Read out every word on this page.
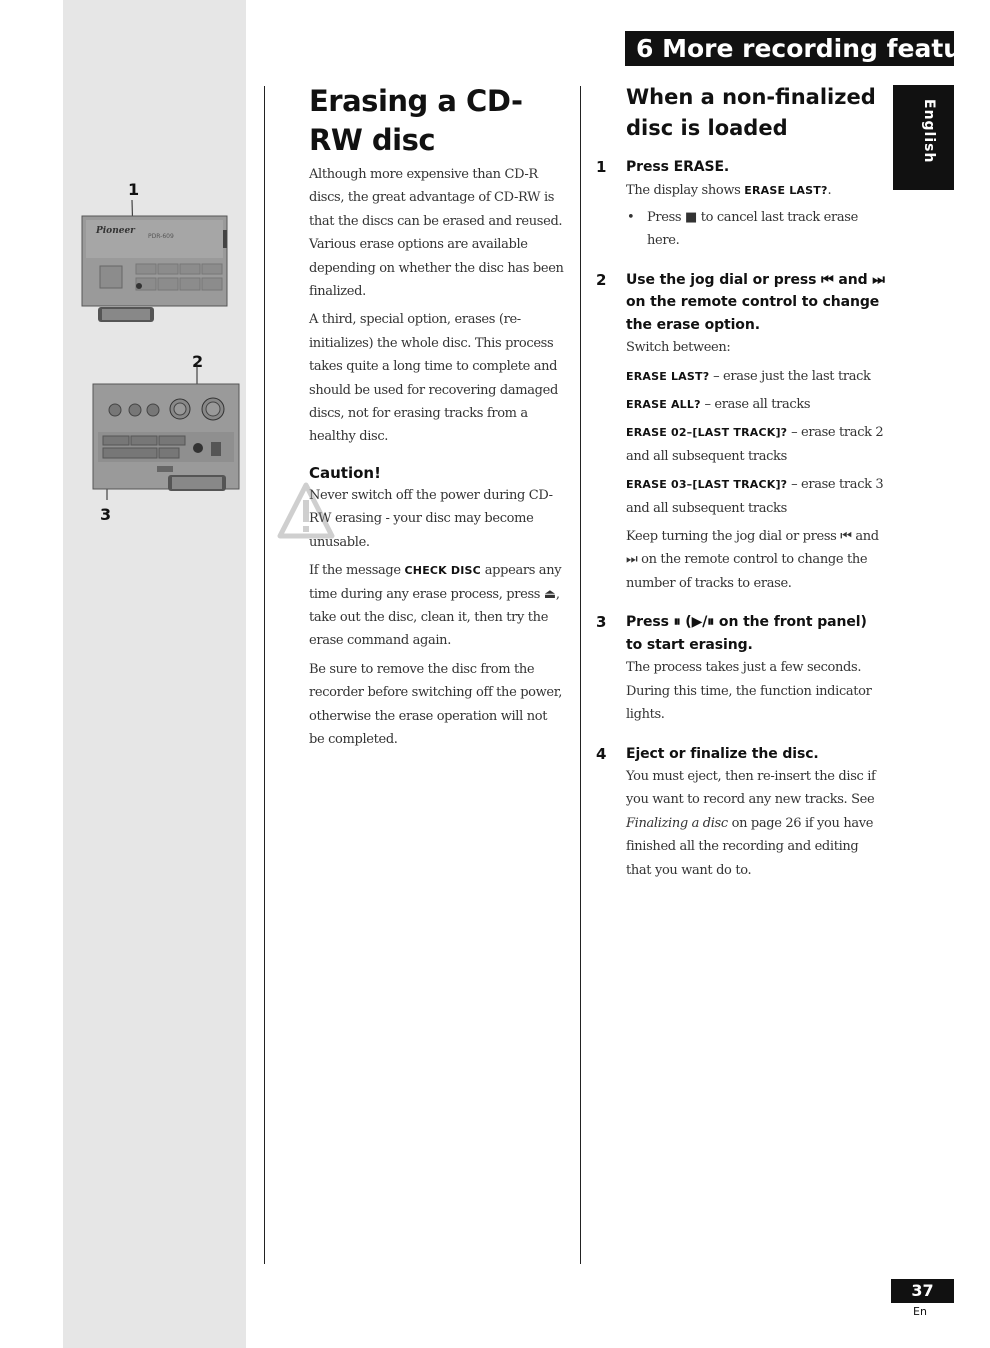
1
2
3
Pioneer
PDR-609
6 More recording feature
English
Erasing a CD-RW disc

Although more expensive than CD-R discs, the great advantage of CD-RW is that the discs can be erased and reused. Various erase options are available depending on whether the disc has been finalized.

A third, special option, erases (re-initializes) the whole disc. This process takes quite a long time to complete and should be used for recovering damaged discs, not for erasing tracks from a healthy disc.

Caution!

Never switch off the power during CD-RW erasing - your disc may become unusable.

If the message CHECK DISC appears any time during any erase process, press ⏏, take out the disc, clean it, then try the erase command again.

Be sure to remove the disc from the recorder before switching off the power, otherwise the erase operation will not be completed.

When a non-finalized disc is loaded
1 Press ERASE.

The display shows ERASE LAST?.

• Press ■ to cancel last track erase here.

2 Use the jog dial or press ⏮ and ⏭ on the remote control to change the erase option.

Switch between:

ERASE LAST? – erase just the last track

ERASE ALL? – erase all tracks

ERASE 02–[LAST TRACK]? – erase track 2 and all subsequent tracks

ERASE 03–[LAST TRACK]? – erase track 3 and all subsequent tracks

Keep turning the jog dial or press ⏮ and ⏭ on the remote control to change the number of tracks to erase.

3 Press ⏸ (▶/⏸ on the front panel) to start erasing.

The process takes just a few seconds. During this time, the function indicator lights.

4 Eject or finalize the disc.

You must eject, then re-insert the disc if you want to record any new tracks. See Finalizing a disc on page 26 if you have finished all the recording and editing that you want do to.

37
En
